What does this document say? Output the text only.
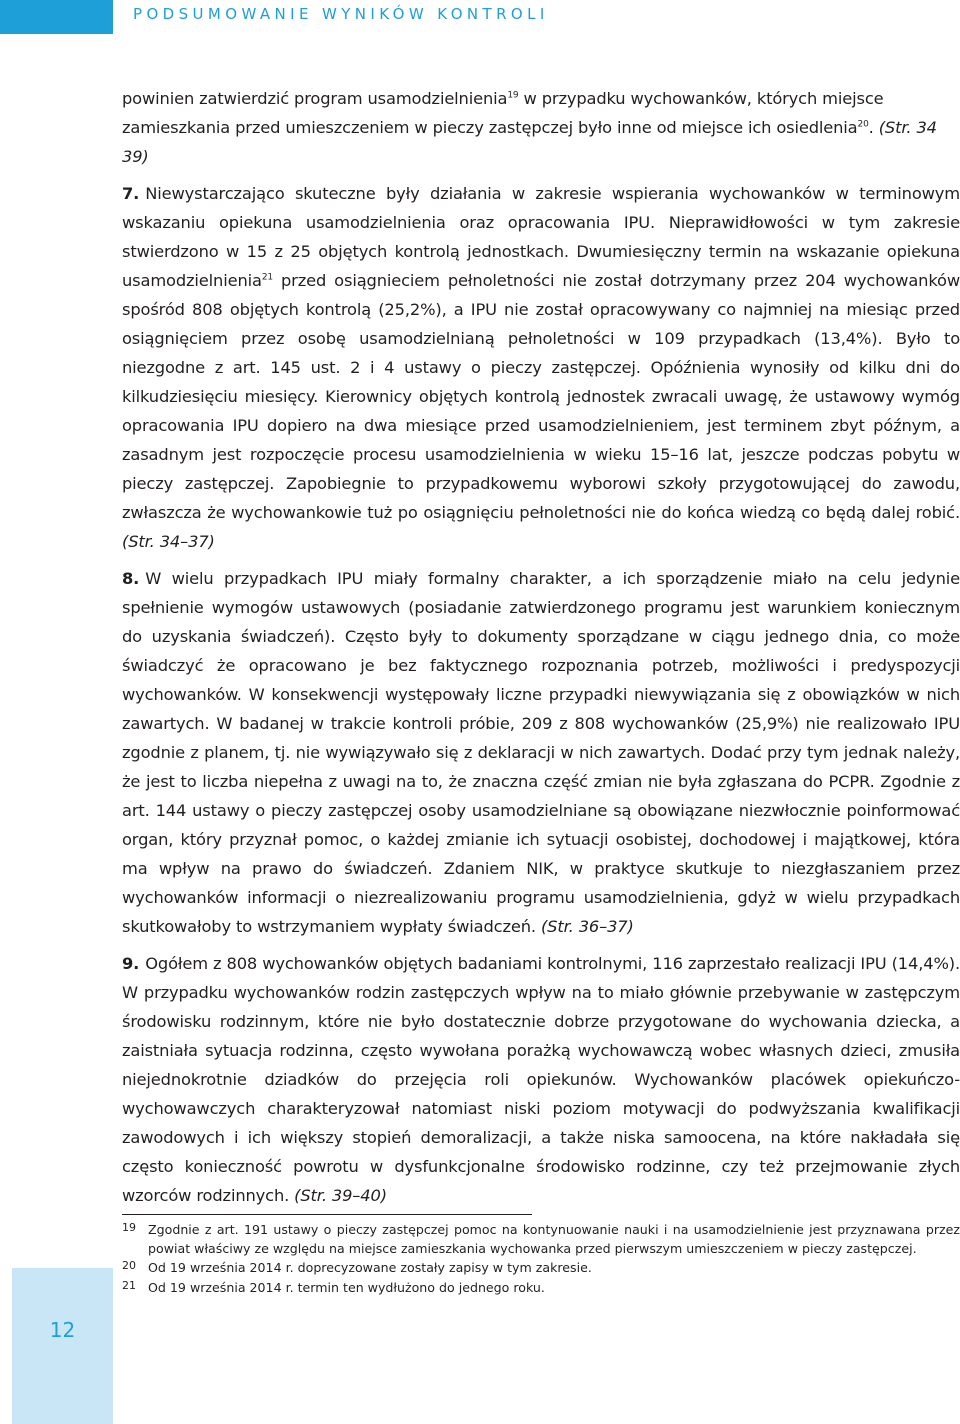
PODSUMOWANIE WYNIKÓW KONTROLI

powinien zatwierdzić program usamodzielnienia$^{19}$ w przypadku wychowanków, których miejsce zamieszkania przed umieszczeniem w pieczy zastępczej było inne od miejsce ich osiedlenia$^{20}$. (Str. 34 39)

7. Niewystarczająco skuteczne były działania w zakresie wspierania wychowanków w terminowym wskazaniu opiekuna usamodzielnienia oraz opracowania IPU. Nieprawidłowości w tym zakresie stwierdzono w 15 z 25 objętych kontrolą jednostkach. Dwumiesięczny termin na wskazanie opiekuna usamodzielnienia$^{21}$ przed osiągnieciem pełnoletności nie został dotrzymany przez 204 wychowanków spośród 808 objętych kontrolą (25,2%), a IPU nie został opracowywany co najmniej na miesiąc przed osiągnięciem przez osobę usamodzielnianą pełnoletności w 109 przypadkach (13,4%). Było to niezgodne z art. 145 ust. 2 i 4 ustawy o pieczy zastępczej. Opóźnienia wynosiły od kilku dni do kilkudziesięciu miesięcy. Kierownicy objętych kontrolą jednostek zwracali uwagę, że ustawowy wymóg opracowania IPU dopiero na dwa miesiące przed usamodzielnieniem, jest terminem zbyt późnym, a zasadnym jest rozpoczęcie procesu usamodzielnienia w wieku 15–16 lat, jeszcze podczas pobytu w pieczy zastępczej. Zapobiegnie to przypadkowemu wyborowi szkoły przygotowującej do zawodu, zwłaszcza że wychowankowie tuż po osiągnięciu pełnoletności nie do końca wiedzą co będą dalej robić. (Str. 34–37)

8. W wielu przypadkach IPU miały formalny charakter, a ich sporządzenie miało na celu jedynie spełnienie wymogów ustawowych (posiadanie zatwierdzonego programu jest warunkiem koniecznym do uzyskania świadczeń). Często były to dokumenty sporządzane w ciągu jednego dnia, co może świadczyć że opracowano je bez faktycznego rozpoznania potrzeb, możliwości i predyspozycji wychowanków. W konsekwencji występowały liczne przypadki niewywiązania się z obowiązków w nich zawartych. W badanej w trakcie kontroli próbie, 209 z 808 wychowanków (25,9%) nie realizowało IPU zgodnie z planem, tj. nie wywiązywało się z deklaracji w nich zawartych. Dodać przy tym jednak należy, że jest to liczba niepełna z uwagi na to, że znaczna część zmian nie była zgłaszana do PCPR. Zgodnie z art. 144 ustawy o pieczy zastępczej osoby usamodzielniane są obowiązane niezwłocznie poinformować organ, który przyznał pomoc, o każdej zmianie ich sytuacji osobistej, dochodowej i majątkowej, która ma wpływ na prawo do świadczeń. Zdaniem NIK, w praktyce skutkuje to niezgłaszaniem przez wychowanków informacji o niezrealizowaniu programu usamodzielnienia, gdyż w wielu przypadkach skutkowałoby to wstrzymaniem wypłaty świadczeń. (Str. 36–37)

9. Ogółem z 808 wychowanków objętych badaniami kontrolnymi, 116 zaprzestało realizacji IPU (14,4%). W przypadku wychowanków rodzin zastępczych wpływ na to miało głównie przebywanie w zastępczym środowisku rodzinnym, które nie było dostatecznie dobrze przygotowane do wychowania dziecka, a zaistniała sytuacja rodzinna, często wywołana porażką wychowawczą wobec własnych dzieci, zmusiła niejednokrotnie dziadków do przejęcia roli opiekunów. Wychowanków placówek opiekuńczo-wychowawczych charakteryzował natomiast niski poziom motywacji do podwyższania kwalifikacji zawodowych i ich większy stopień demoralizacji, a także niska samoocena, na które nakładała się często konieczność powrotu w dysfunkcjonalne środowisko rodzinne, czy też przejmowanie złych wzorców rodzinnych. (Str. 39–40)

19 Zgodnie z art. 191 ustawy o pieczy zastępczej pomoc na kontynuowanie nauki i na usamodzielnienie jest przyznawana przez powiat właściwy ze względu na miejsce zamieszkania wychowanka przed pierwszym umieszczeniem w pieczy zastępczej.
20 Od 19 września 2014 r. doprecyzowane zostały zapisy w tym zakresie.
21 Od 19 września 2014 r. termin ten wydłużono do jednego roku.
12
